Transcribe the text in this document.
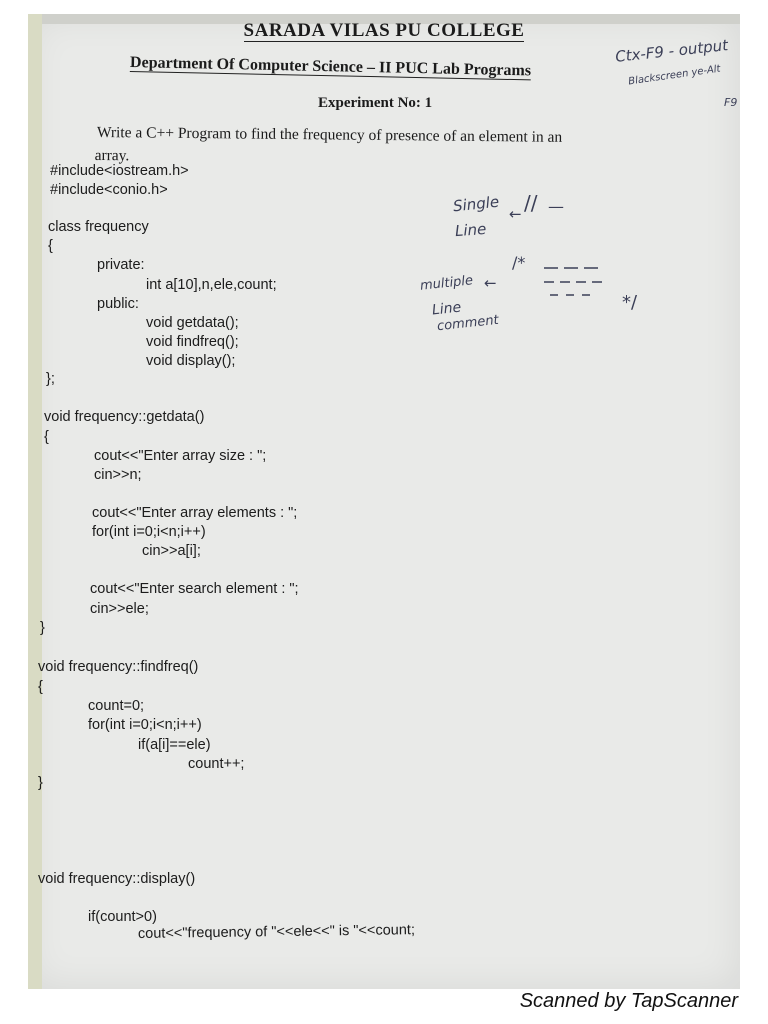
SARADA VILAS PU COLLEGE
Department Of Computer Science – II PUC Lab Programs
Experiment No: 1
Write a C++ Program to find the frequency of presence of an element in an
array.
#include<iostream.h>
#include<conio.h>
class frequency
{
private:
int a[10],n,ele,count;
public:
void getdata();
void findfreq();
void display();
};
void frequency::getdata()
{
cout<<"Enter array size : ";
cin>>n;
cout<<"Enter array elements : ";
for(int i=0;i<n;i++)
cin>>a[i];
cout<<"Enter search element : ";
cin>>ele;
}
void frequency::findfreq()
{
count=0;
for(int i=0;i<n;i++)
if(a[i]==ele)
count++;
}
void frequency::display()
if(count>0)
cout<<"frequency of "<<ele<<" is "<<count;
Ctx-F9 - output
Blackscreen ye-Alt
F9
Single
Line
← // —
/*
multiple ←
Line
comment
*/
Scanned by TapScanner
